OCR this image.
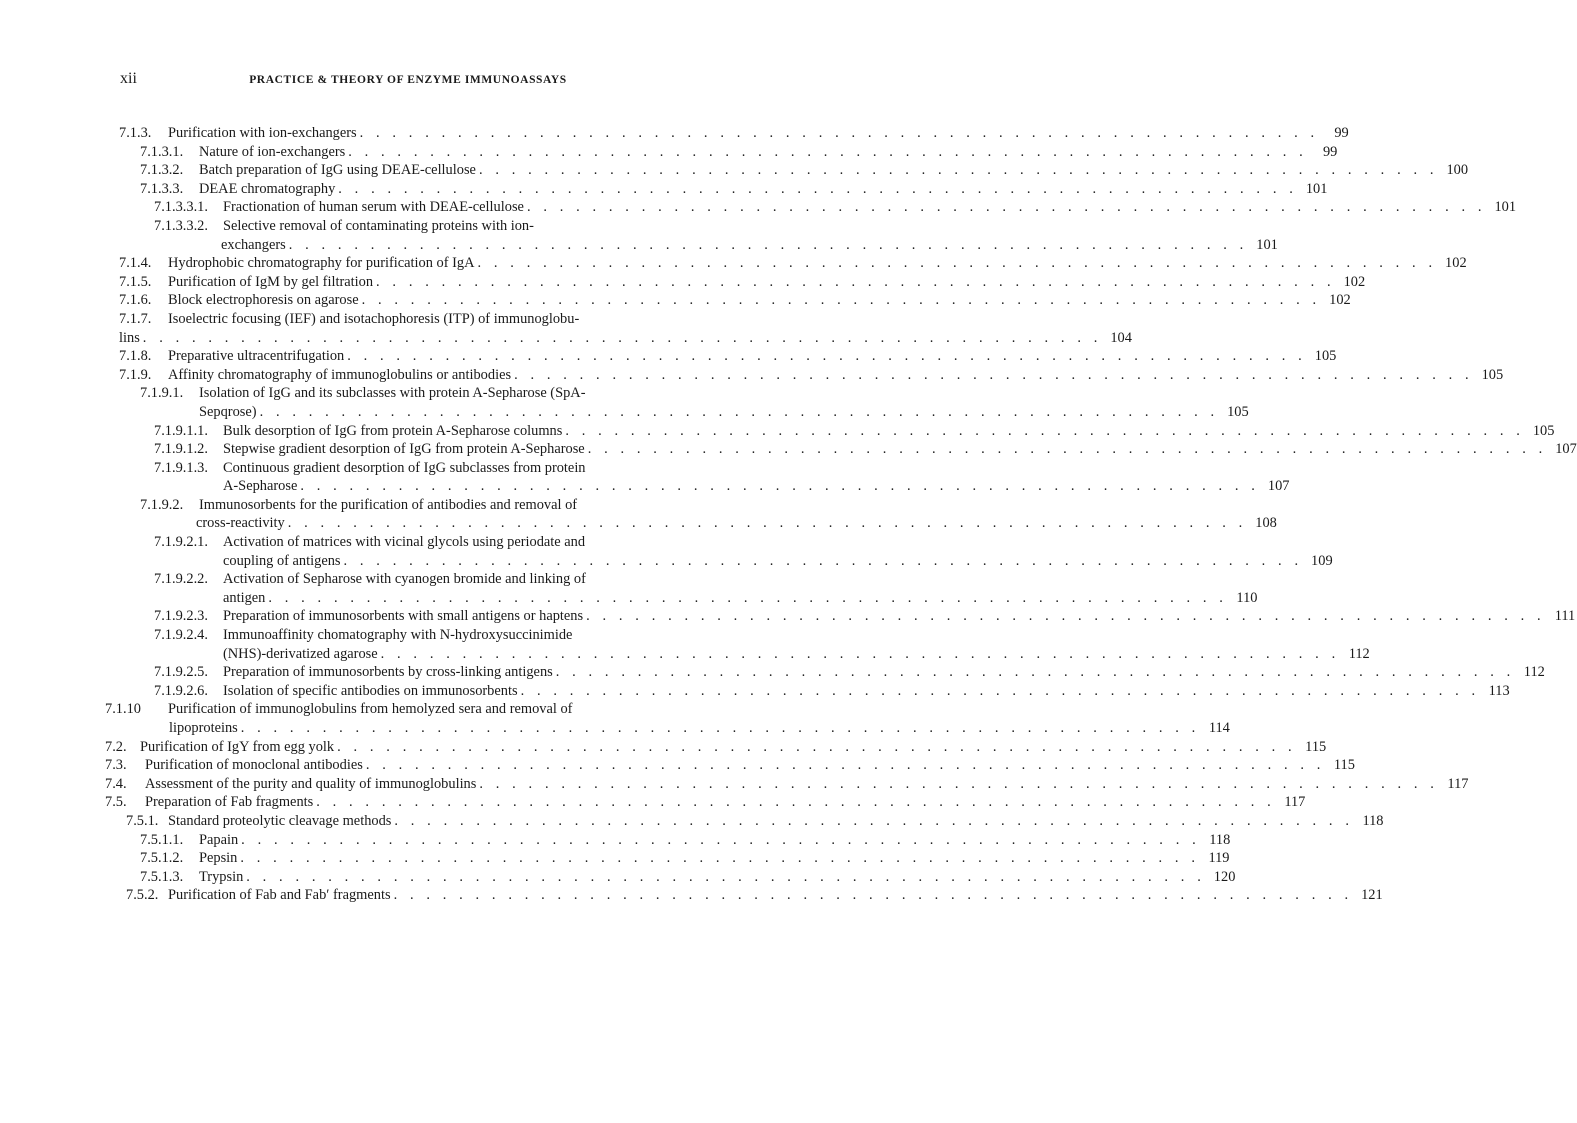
xii	PRACTICE & THEORY OF ENZYME IMMUNOASSAYS
7.1.3. Purification with ion-exchangers . . . . . . . . . . . . . . . . . . . . . . . . . . . . . . . . . . . . . . . . . . . . . . . . . . . . . . . . . . .	99
7.1.3.1. Nature of ion-exchangers . . . . . . . . . . . . . . . . . . . . . . . . . . . . . . . . . . . . . . . . . . . . . . . . . . . . . . . . . . .	99
7.1.3.2. Batch preparation of IgG using DEAE-cellulose . . . . . . . . . . . . . . . . . . . . . . . . . . . . . . . . . . . . . . . . . . . . . . . . . . . . . . . . . . . 100
7.1.3.3. DEAE chromatography . . . . . . . . . . . . . . . . . . . . . . . . . . . . . . . . . . . . . . . . . . . . . . . . . . . . . . . . . . . 101
7.1.3.3.1. Fractionation of human serum with DEAE-cellulose . . . . . . . . . . . . . . . . . . . . . . . . . . . . . . . . . . . . . . . . . . . . . . . . . . . . . . . . . . . 101
7.1.3.3.2. Selective removal of contaminating proteins with ion-
exchangers . . . . . . . . . . . . . . . . . . . . . . . . . . . . . . . . . . . . . . . . . . . . . . . . . . . . . . . . . . . 101
7.1.4. Hydrophobic chromatography for purification of IgA . . . . . . . . . . . . . . . . . . . . . . . . . . . . . . . . . . . . . . . . . . . . . . . . . . . . . . . . . . . 102
7.1.5. Purification of IgM by gel filtration . . . . . . . . . . . . . . . . . . . . . . . . . . . . . . . . . . . . . . . . . . . . . . . . . . . . . . . . . . . 102
7.1.6. Block electrophoresis on agarose . . . . . . . . . . . . . . . . . . . . . . . . . . . . . . . . . . . . . . . . . . . . . . . . . . . . . . . . . . . 102
7.1.7. Isoelectric focusing (IEF) and isotachophoresis (ITP) of immunoglobu-
lins . . . . . . . . . . . . . . . . . . . . . . . . . . . . . . . . . . . . . . . . . . . . . . . . . . . . . . . . . . . 104
7.1.8. Preparative ultracentrifugation . . . . . . . . . . . . . . . . . . . . . . . . . . . . . . . . . . . . . . . . . . . . . . . . . . . . . . . . . . . 105
7.1.9. Affinity chromatography of immunoglobulins or antibodies . . . . . . . . . . . . . . . . . . . . . . . . . . . . . . . . . . . . . . . . . . . . . . . . . . . . . . . . . . . 105
7.1.9.1. Isolation of IgG and its subclasses with protein A-Sepharose (SpA-
Sepqrose) . . . . . . . . . . . . . . . . . . . . . . . . . . . . . . . . . . . . . . . . . . . . . . . . . . . . . . . . . . . 105
7.1.9.1.1. Bulk desorption of IgG from protein A-Sepharose columns . . . . . . . . . . . . . . . . . . . . . . . . . . . . . . . . . . . . . . . . . . . . . . . . . . . . . . . . . . . 105
7.1.9.1.2. Stepwise gradient desorption of IgG from protein A-Sepharose . . . . . . . . . . . . . . . . . . . . . . . . . . . . . . . . . . . . . . . . . . . . . . . . . . . . . . . . . . . 107
7.1.9.1.3. Continuous gradient desorption of IgG subclasses from protein
A-Sepharose . . . . . . . . . . . . . . . . . . . . . . . . . . . . . . . . . . . . . . . . . . . . . . . . . . . . . . . . . . . 107
7.1.9.2. Immunosorbents for the purification of antibodies and removal of
cross-reactivity . . . . . . . . . . . . . . . . . . . . . . . . . . . . . . . . . . . . . . . . . . . . . . . . . . . . . . . . . . . 108
7.1.9.2.1. Activation of matrices with vicinal glycols using periodate and
coupling of antigens . . . . . . . . . . . . . . . . . . . . . . . . . . . . . . . . . . . . . . . . . . . . . . . . . . . . . . . . . . . 109
7.1.9.2.2. Activation of Sepharose with cyanogen bromide and linking of
antigen . . . . . . . . . . . . . . . . . . . . . . . . . . . . . . . . . . . . . . . . . . . . . . . . . . . . . . . . . . . 110
7.1.9.2.3. Preparation of immunosorbents with small antigens or haptens . . . . . . . . . . . . . . . . . . . . . . . . . . . . . . . . . . . . . . . . . . . . . . . . . . . . . . . . . . . 111
7.1.9.2.4. Immunoaffinity chomatography with N-hydroxysuccinimide
(NHS)-derivatized agarose . . . . . . . . . . . . . . . . . . . . . . . . . . . . . . . . . . . . . . . . . . . . . . . . . . . . . . . . . . . 112
7.1.9.2.5. Preparation of immunosorbents by cross-linking antigens . . . . . . . . . . . . . . . . . . . . . . . . . . . . . . . . . . . . . . . . . . . . . . . . . . . . . . . . . . . 112
7.1.9.2.6. Isolation of specific antibodies on immunosorbents . . . . . . . . . . . . . . . . . . . . . . . . . . . . . . . . . . . . . . . . . . . . . . . . . . . . . . . . . . . 113
7.1.10 Purification of immunoglobulins from hemolyzed sera and removal of
lipoproteins . . . . . . . . . . . . . . . . . . . . . . . . . . . . . . . . . . . . . . . . . . . . . . . . . . . . . . . . . . . 114
7.2. Purification of IgY from egg yolk . . . . . . . . . . . . . . . . . . . . . . . . . . . . . . . . . . . . . . . . . . . . . . . . . . . . . . . . . . . 115
7.3. Purification of monoclonal antibodies . . . . . . . . . . . . . . . . . . . . . . . . . . . . . . . . . . . . . . . . . . . . . . . . . . . . . . . . . . . 115
7.4. Assessment of the purity and quality of immunoglobulins . . . . . . . . . . . . . . . . . . . . . . . . . . . . . . . . . . . . . . . . . . . . . . . . . . . . . . . . . . . 117
7.5. Preparation of Fab fragments . . . . . . . . . . . . . . . . . . . . . . . . . . . . . . . . . . . . . . . . . . . . . . . . . . . . . . . . . . . 117
7.5.1. Standard proteolytic cleavage methods . . . . . . . . . . . . . . . . . . . . . . . . . . . . . . . . . . . . . . . . . . . . . . . . . . . . . . . . . . . 118
7.5.1.1. Papain . . . . . . . . . . . . . . . . . . . . . . . . . . . . . . . . . . . . . . . . . . . . . . . . . . . . . . . . . . . 118
7.5.1.2. Pepsin . . . . . . . . . . . . . . . . . . . . . . . . . . . . . . . . . . . . . . . . . . . . . . . . . . . . . . . . . . . 119
7.5.1.3. Trypsin . . . . . . . . . . . . . . . . . . . . . . . . . . . . . . . . . . . . . . . . . . . . . . . . . . . . . . . . . . . 120
7.5.2. Purification of Fab and Fab′ fragments . . . . . . . . . . . . . . . . . . . . . . . . . . . . . . . . . . . . . . . . . . . . . . . . . . . . . . . . . . . 121
